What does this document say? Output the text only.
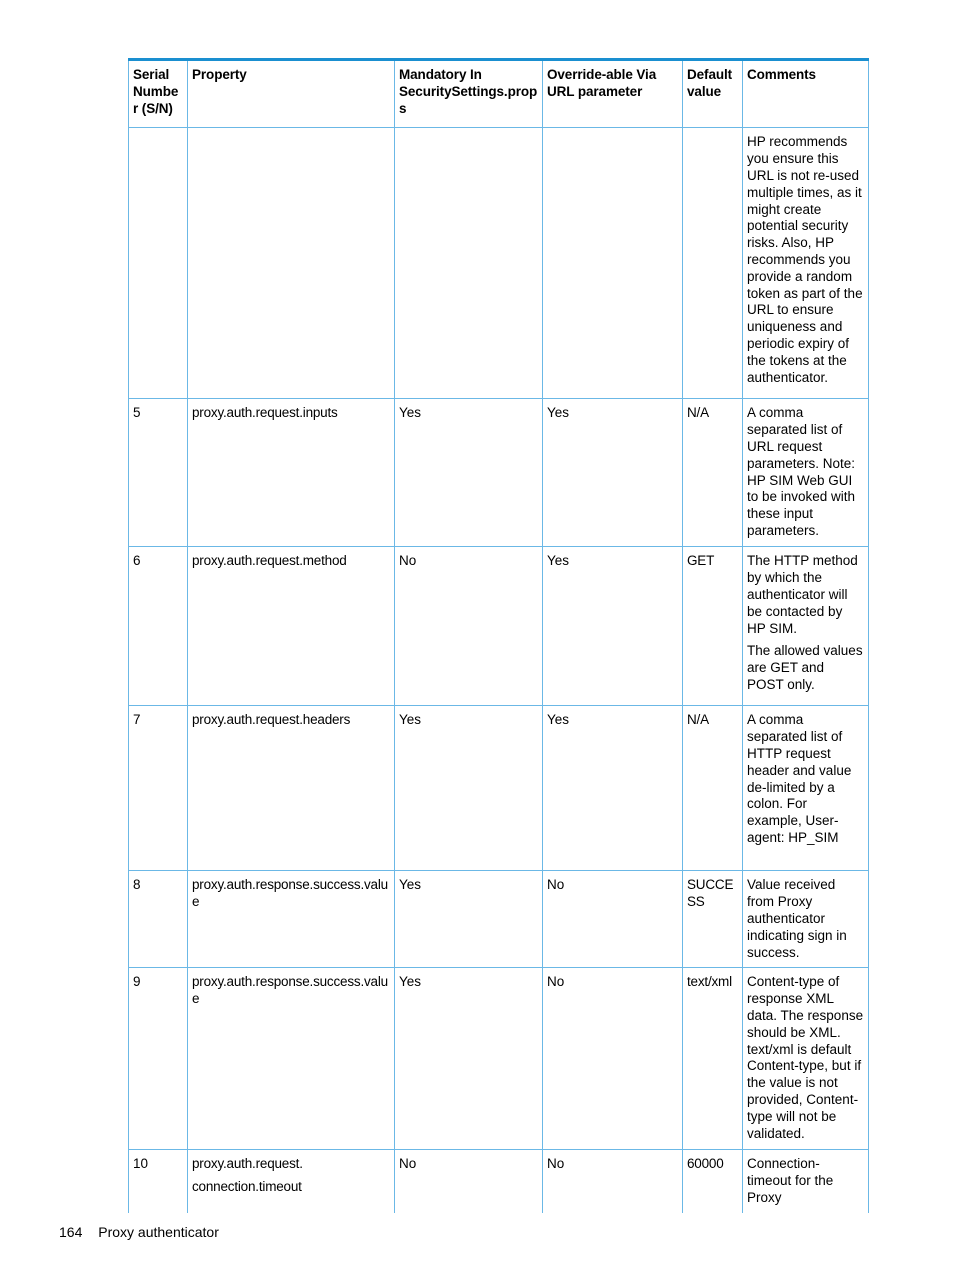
Serial Number (S/N)	Property	Mandatory In SecuritySettings.props	Override-able Via URL parameter	Default value	Comments

					HP recommends you ensure this URL is not re-used multiple times, as it might create potential security risks. Also, HP recommends you provide a random token as part of the URL to ensure uniqueness and periodic expiry of the tokens at the authenticator.

5	proxy.auth.request.inputs	Yes	Yes	N/A	A comma separated list of URL request parameters. Note: HP SIM Web GUI to be invoked with these input parameters.

6	proxy.auth.request.method	No	Yes	GET	The HTTP method by which the authenticator will be contacted by HP SIM.

The allowed values are GET and POST only.

7	proxy.auth.request.headers	Yes	Yes	N/A	A comma separated list of HTTP request header and value de-limited by a colon. For example, User-agent: HP_SIM

8	proxy.auth.response.success.value	Yes	No	SUCCESS	Value received from Proxy authenticator indicating sign in success.

9	proxy.auth.response.success.value	Yes	No	text/xml	Content-type of response XML data. The response should be XML. text/xml is default Content-type, but if the value is not provided, Content-type will not be validated.

10	proxy.auth.request.
connection.timeout	No	No	60000	Connection-timeout for the Proxy

164 Proxy authenticator
